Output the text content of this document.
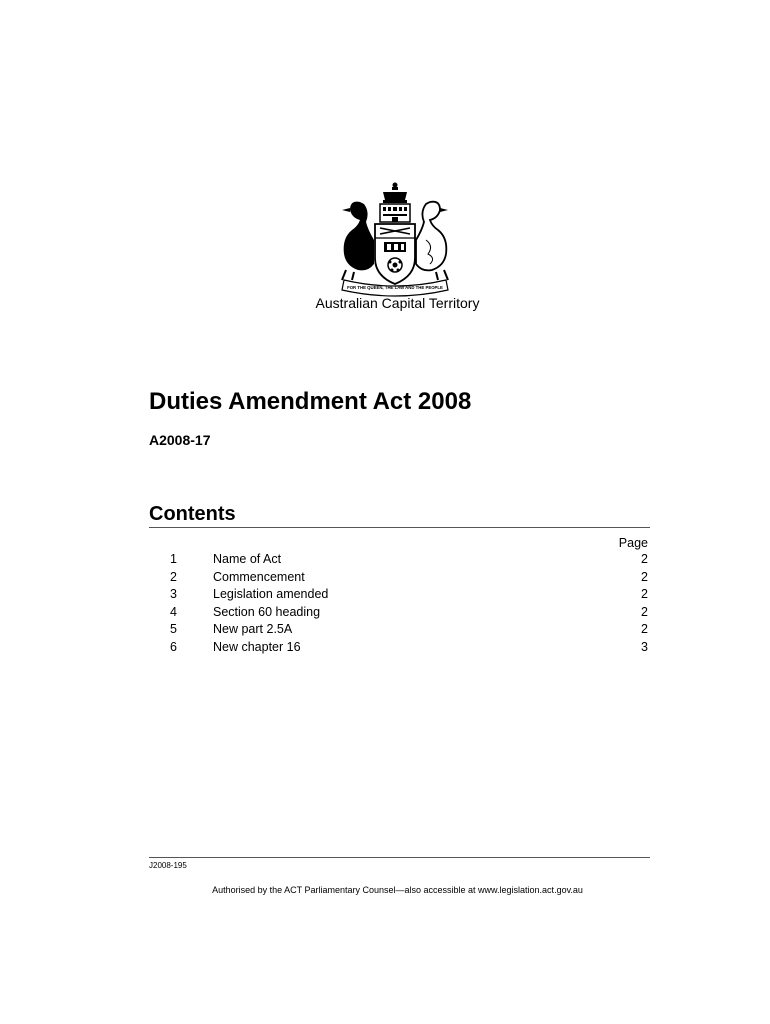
FOR THE QUEEN, THE LAW AND THE PEOPLE
Australian Capital Territory
Duties Amendment Act 2008
A2008-17
Contents
Page
1	Name of Act	2
2	Commencement	2
3	Legislation amended	2
4	Section 60 heading	2
5	New part 2.5A	2
6	New chapter 16	3
J2008-195
Authorised by the ACT Parliamentary Counsel—also accessible at www.legislation.act.gov.au
